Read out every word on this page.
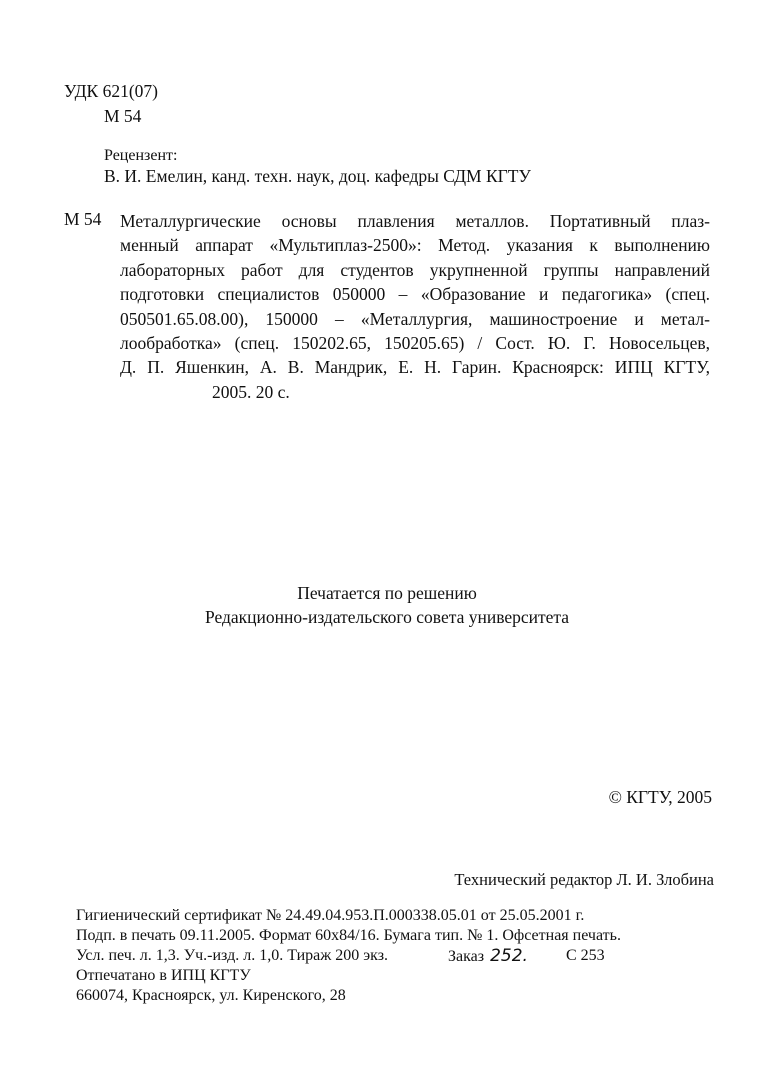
УДК 621(07)
М 54
Рецензент:
В. И. Емелин, канд. техн. наук, доц. кафедры СДМ КГТУ
М 54 Металлургические основы плавления металлов. Портативный плаз-
менный аппарат «Мультиплаз-2500»: Метод. указания к выполнению
лабораторных работ для студентов укрупненной группы направлений
подготовки специалистов 050000 – «Образование и педагогика» (спец.
050501.65.08.00), 150000 – «Металлургия, машиностроение и метал-
лообработка» (спец. 150202.65, 150205.65) / Сост. Ю. Г. Новосельцев,
Д. П. Яшенкин, А. В. Мандрик, Е. Н. Гарин. Красноярск: ИПЦ КГТУ,
2005. 20 с.
Печатается по решению
Редакционно-издательского совета университета
© КГТУ, 2005
Технический редактор Л. И. Злобина
Гигиенический сертификат № 24.49.04.953.П.000338.05.01 от 25.05.2001 г.
Подп. в печать 09.11.2005. Формат 60x84/16. Бумага тип. № 1. Офсетная печать.
Усл. печ. л. 1,3. Уч.-изд. л. 1,0. Тираж 200 экз.	Заказ 252. С 253
Отпечатано в ИПЦ КГТУ
660074, Красноярск, ул. Киренского, 28
